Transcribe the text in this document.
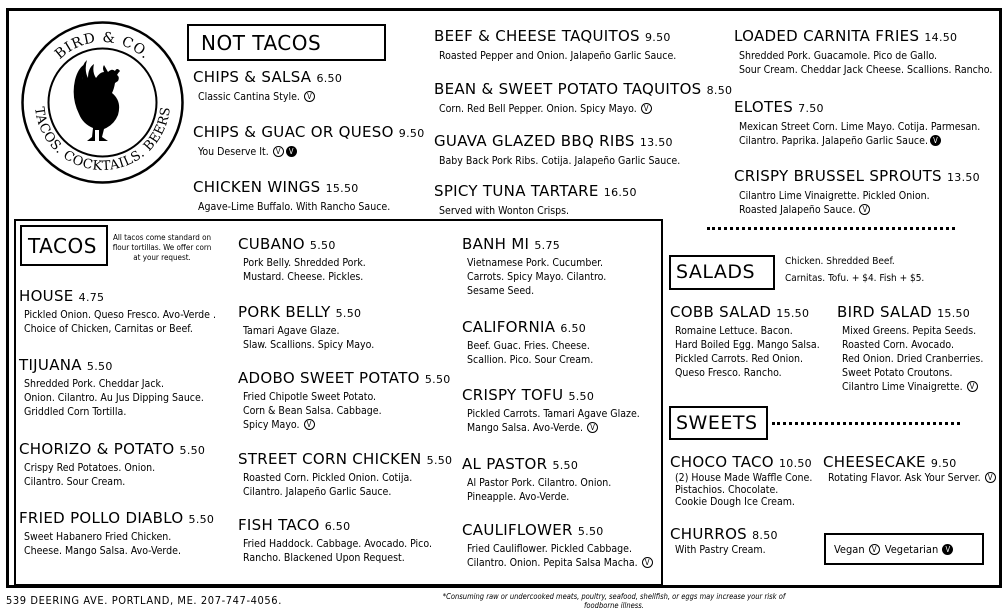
BIRD & CO.
TACOS. COCKTAILS. BEERS
NOT TACOS
CHIPS & SALSA 6.50
Classic Cantina Style. V
CHIPS & GUAC OR QUESO 9.50
You Deserve It. V V
CHICKEN WINGS 15.50
Agave-Lime Buffalo. With Rancho Sauce.
BEEF & CHEESE TAQUITOS 9.50
Roasted Pepper and Onion. Jalapeño Garlic Sauce.
BEAN & SWEET POTATO TAQUITOS 8.50
Corn. Red Bell Pepper. Onion. Spicy Mayo. V
GUAVA GLAZED BBQ RIBS 13.50
Baby Back Pork Ribs. Cotija. Jalapeño Garlic Sauce.
SPICY TUNA TARTARE 16.50
Served with Wonton Crisps.
LOADED CARNITA FRIES 14.50
Shredded Pork. Guacamole. Pico de Gallo.
Sour Cream. Cheddar Jack Cheese. Scallions. Rancho.
ELOTES 7.50
Mexican Street Corn. Lime Mayo. Cotija. Parmesan.
Cilantro. Paprika. Jalapeño Garlic Sauce. V
CRISPY BRUSSEL SPROUTS 13.50
Cilantro Lime Vinaigrette. Pickled Onion.
Roasted Jalapeño Sauce. V
TACOS	All tacos come standard on flour tortillas. We offer corn at your request.
HOUSE 4.75
Pickled Onion. Queso Fresco. Avo-Verde .
Choice of Chicken, Carnitas or Beef.
TIJUANA 5.50
Shredded Pork. Cheddar Jack.
Onion. Cilantro. Au Jus Dipping Sauce.
Griddled Corn Tortilla.
CHORIZO & POTATO 5.50
Crispy Red Potatoes. Onion.
Cilantro. Sour Cream.
FRIED POLLO DIABLO 5.50
Sweet Habanero Fried Chicken.
Cheese. Mango Salsa. Avo-Verde.
CUBANO 5.50
Pork Belly. Shredded Pork.
Mustard. Cheese. Pickles.
PORK BELLY 5.50
Tamari Agave Glaze.
Slaw. Scallions. Spicy Mayo.
ADOBO SWEET POTATO 5.50
Fried Chipotle Sweet Potato.
Corn & Bean Salsa. Cabbage.
Spicy Mayo. V
STREET CORN CHICKEN 5.50
Roasted Corn. Pickled Onion. Cotija.
Cilantro. Jalapeño Garlic Sauce.
FISH TACO 6.50
Fried Haddock. Cabbage. Avocado. Pico.
Rancho. Blackened Upon Request.
BANH MI 5.75
Vietnamese Pork. Cucumber.
Carrots. Spicy Mayo. Cilantro.
Sesame Seed.
CALIFORNIA 6.50
Beef. Guac. Fries. Cheese.
Scallion. Pico. Sour Cream.
CRISPY TOFU 5.50
Pickled Carrots. Tamari Agave Glaze.
Mango Salsa. Avo-Verde. V
AL PASTOR 5.50
Al Pastor Pork. Cilantro. Onion.
Pineapple. Avo-Verde.
CAULIFLOWER 5.50
Fried Cauliflower. Pickled Cabbage.
Cilantro. Onion. Pepita Salsa Macha. V
SALADS	Chicken. Shredded Beef.
Carnitas. Tofu. + $4. Fish + $5.
SWEETS
COBB SALAD 15.50
Romaine Lettuce. Bacon.
Hard Boiled Egg. Mango Salsa.
Pickled Carrots. Red Onion.
Queso Fresco. Rancho.
BIRD SALAD 15.50
Mixed Greens. Pepita Seeds.
Roasted Corn. Avocado.
Red Onion. Dried Cranberries.
Sweet Potato Croutons.
Cilantro Lime Vinaigrette. V
CHOCO TACO 10.50
(2) House Made Waffle Cone.
Pistachios. Chocolate.
Cookie Dough Ice Cream.
CHEESECAKE 9.50
Rotating Flavor. Ask Your Server. V
CHURROS 8.50
With Pastry Cream.	Vegan V Vegetarian V
539 DEERING AVE. PORTLAND, ME. 207-747-4056.	*Consuming raw or undercooked meats, poultry, seafood, shellfish, or eggs may increase your risk of foodborne illness.
